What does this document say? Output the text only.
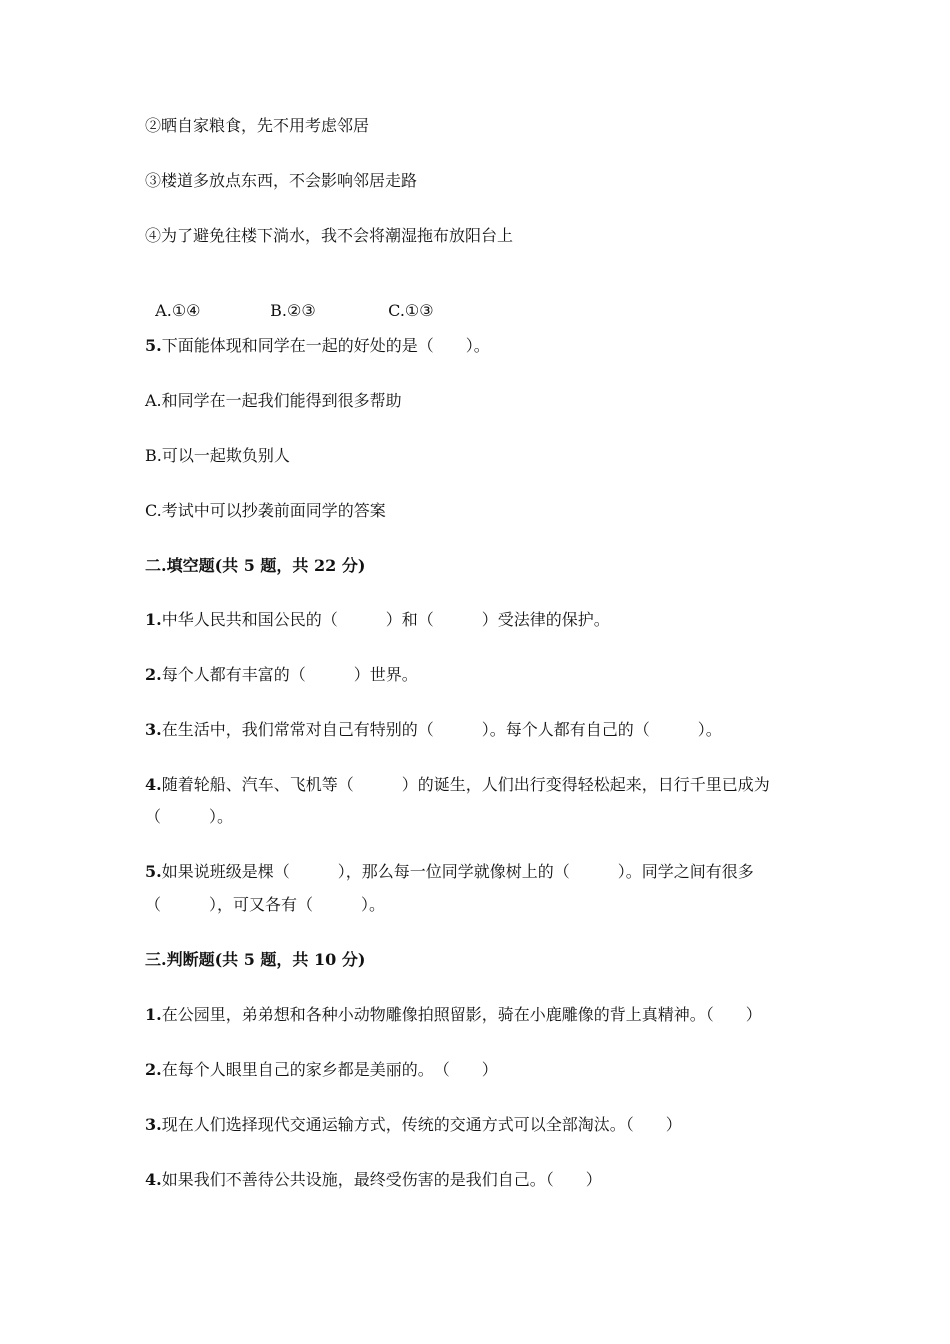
②晒自家粮食，先不用考虑邻居

③楼道多放点东西，不会影响邻居走路

④为了避免往楼下淌水，我不会将潮湿拖布放阳台上

A.①④	B.②③	C.①③

5.下面能体现和同学在一起的好处的是（　　）。

A.和同学在一起我们能得到很多帮助

B.可以一起欺负别人

C.考试中可以抄袭前面同学的答案

二.填空题(共 5 题，共 22 分)

1.中华人民共和国公民的（　　　）和（　　　）受法律的保护。

2.每个人都有丰富的（　　　）世界。

3.在生活中，我们常常对自己有特别的（　　　）。每个人都有自己的（　　　）。

4.随着轮船、汽车、飞机等（　　　）的诞生，人们出行变得轻松起来，日行千里已成为

（　　　）。

5.如果说班级是棵（　　　），那么每一位同学就像树上的（　　　）。同学之间有很多

（　　　），可又各有（　　　）。

三.判断题(共 5 题，共 10 分)

1.在公园里，弟弟想和各种小动物雕像拍照留影，骑在小鹿雕像的背上真精神。（　　）

2.在每个人眼里自己的家乡都是美丽的。　（　　）

3.现在人们选择现代交通运输方式，传统的交通方式可以全部淘汰。（　　）

4.如果我们不善待公共设施，最终受伤害的是我们自己。（　　）
